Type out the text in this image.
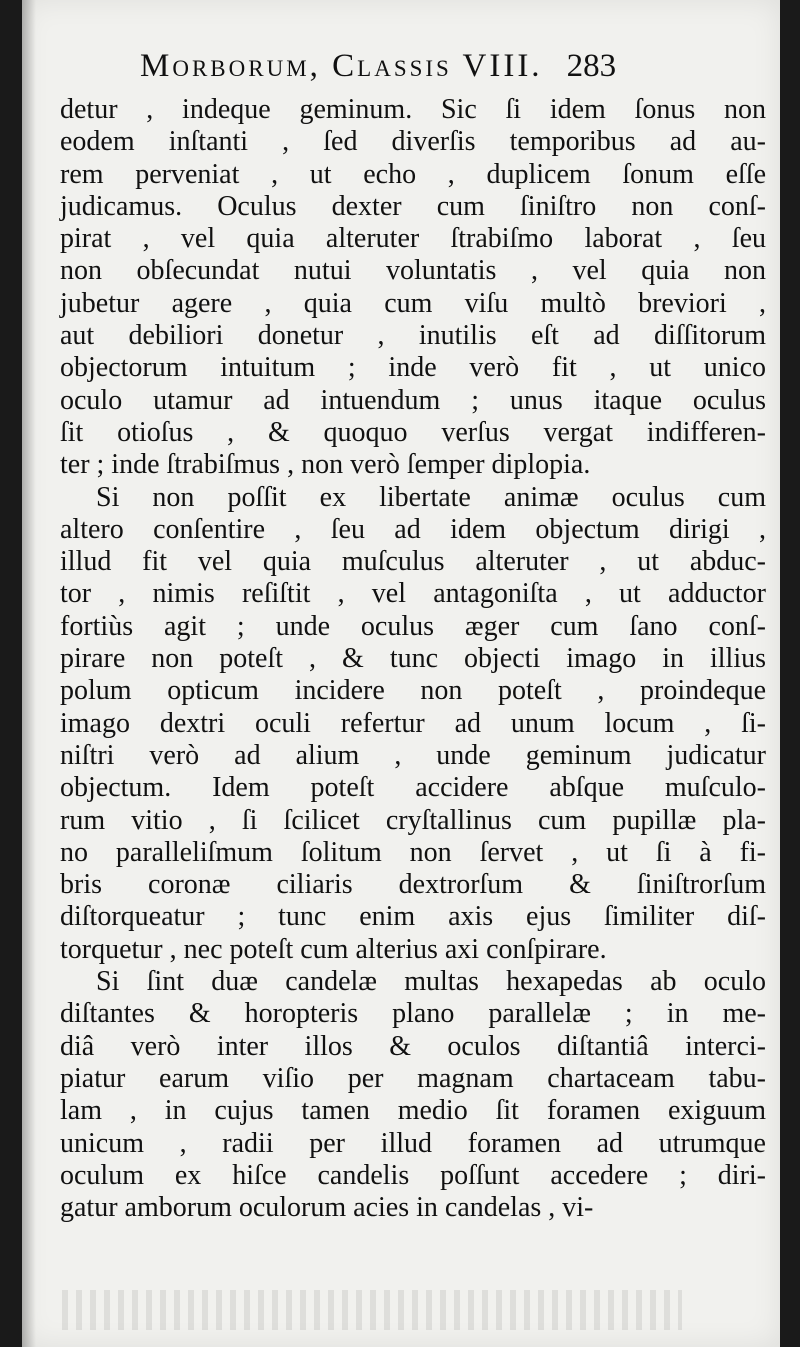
Morborum, Classis VIII. 283
detur , indeque geminum. Sic ſi idem ſonus non
eodem inſtanti , ſed diverſis temporibus ad au-
rem perveniat , ut echo , duplicem ſonum eſſe
judicamus. Oculus dexter cum ſiniſtro non conſ-
pirat , vel quia alteruter ſtrabiſmo laborat , ſeu
non obſecundat nutui voluntatis , vel quia non
jubetur agere , quia cum viſu multò breviori ,
aut debiliori donetur , inutilis eſt ad diſſitorum
objectorum intuitum ; inde verò fit , ut unico
oculo utamur ad intuendum ; unus itaque oculus
ſit otioſus , & quoquo verſus vergat indifferen-
ter ; inde ſtrabiſmus , non verò ſemper diplopia.
Si non poſſit ex libertate animæ oculus cum
altero conſentire , ſeu ad idem objectum dirigi ,
illud fit vel quia muſculus alteruter , ut abduc-
tor , nimis reſiſtit , vel antagoniſta , ut adductor
fortiùs agit ; unde oculus æger cum ſano conſ-
pirare non poteſt , & tunc objecti imago in illius
polum opticum incidere non poteſt , proindeque
imago dextri oculi refertur ad unum locum , ſi-
niſtri verò ad alium , unde geminum judicatur
objectum. Idem poteſt accidere abſque muſculo-
rum vitio , ſi ſcilicet cryſtallinus cum pupillæ pla-
no paralleliſmum ſolitum non ſervet , ut ſi à fi-
bris coronæ ciliaris dextrorſum & ſiniſtrorſum
diſtorqueatur ; tunc enim axis ejus ſimiliter diſ-
torquetur , nec poteſt cum alterius axi conſpirare.
Si ſint duæ candelæ multas hexapedas ab oculo
diſtantes & horopteris plano parallelæ ; in me-
diâ verò inter illos & oculos diſtantiâ interci-
piatur earum viſio per magnam chartaceam tabu-
lam , in cujus tamen medio ſit foramen exiguum
unicum , radii per illud foramen ad utrumque
oculum ex hiſce candelis poſſunt accedere ; diri-
gatur amborum oculorum acies in candelas , vi-
